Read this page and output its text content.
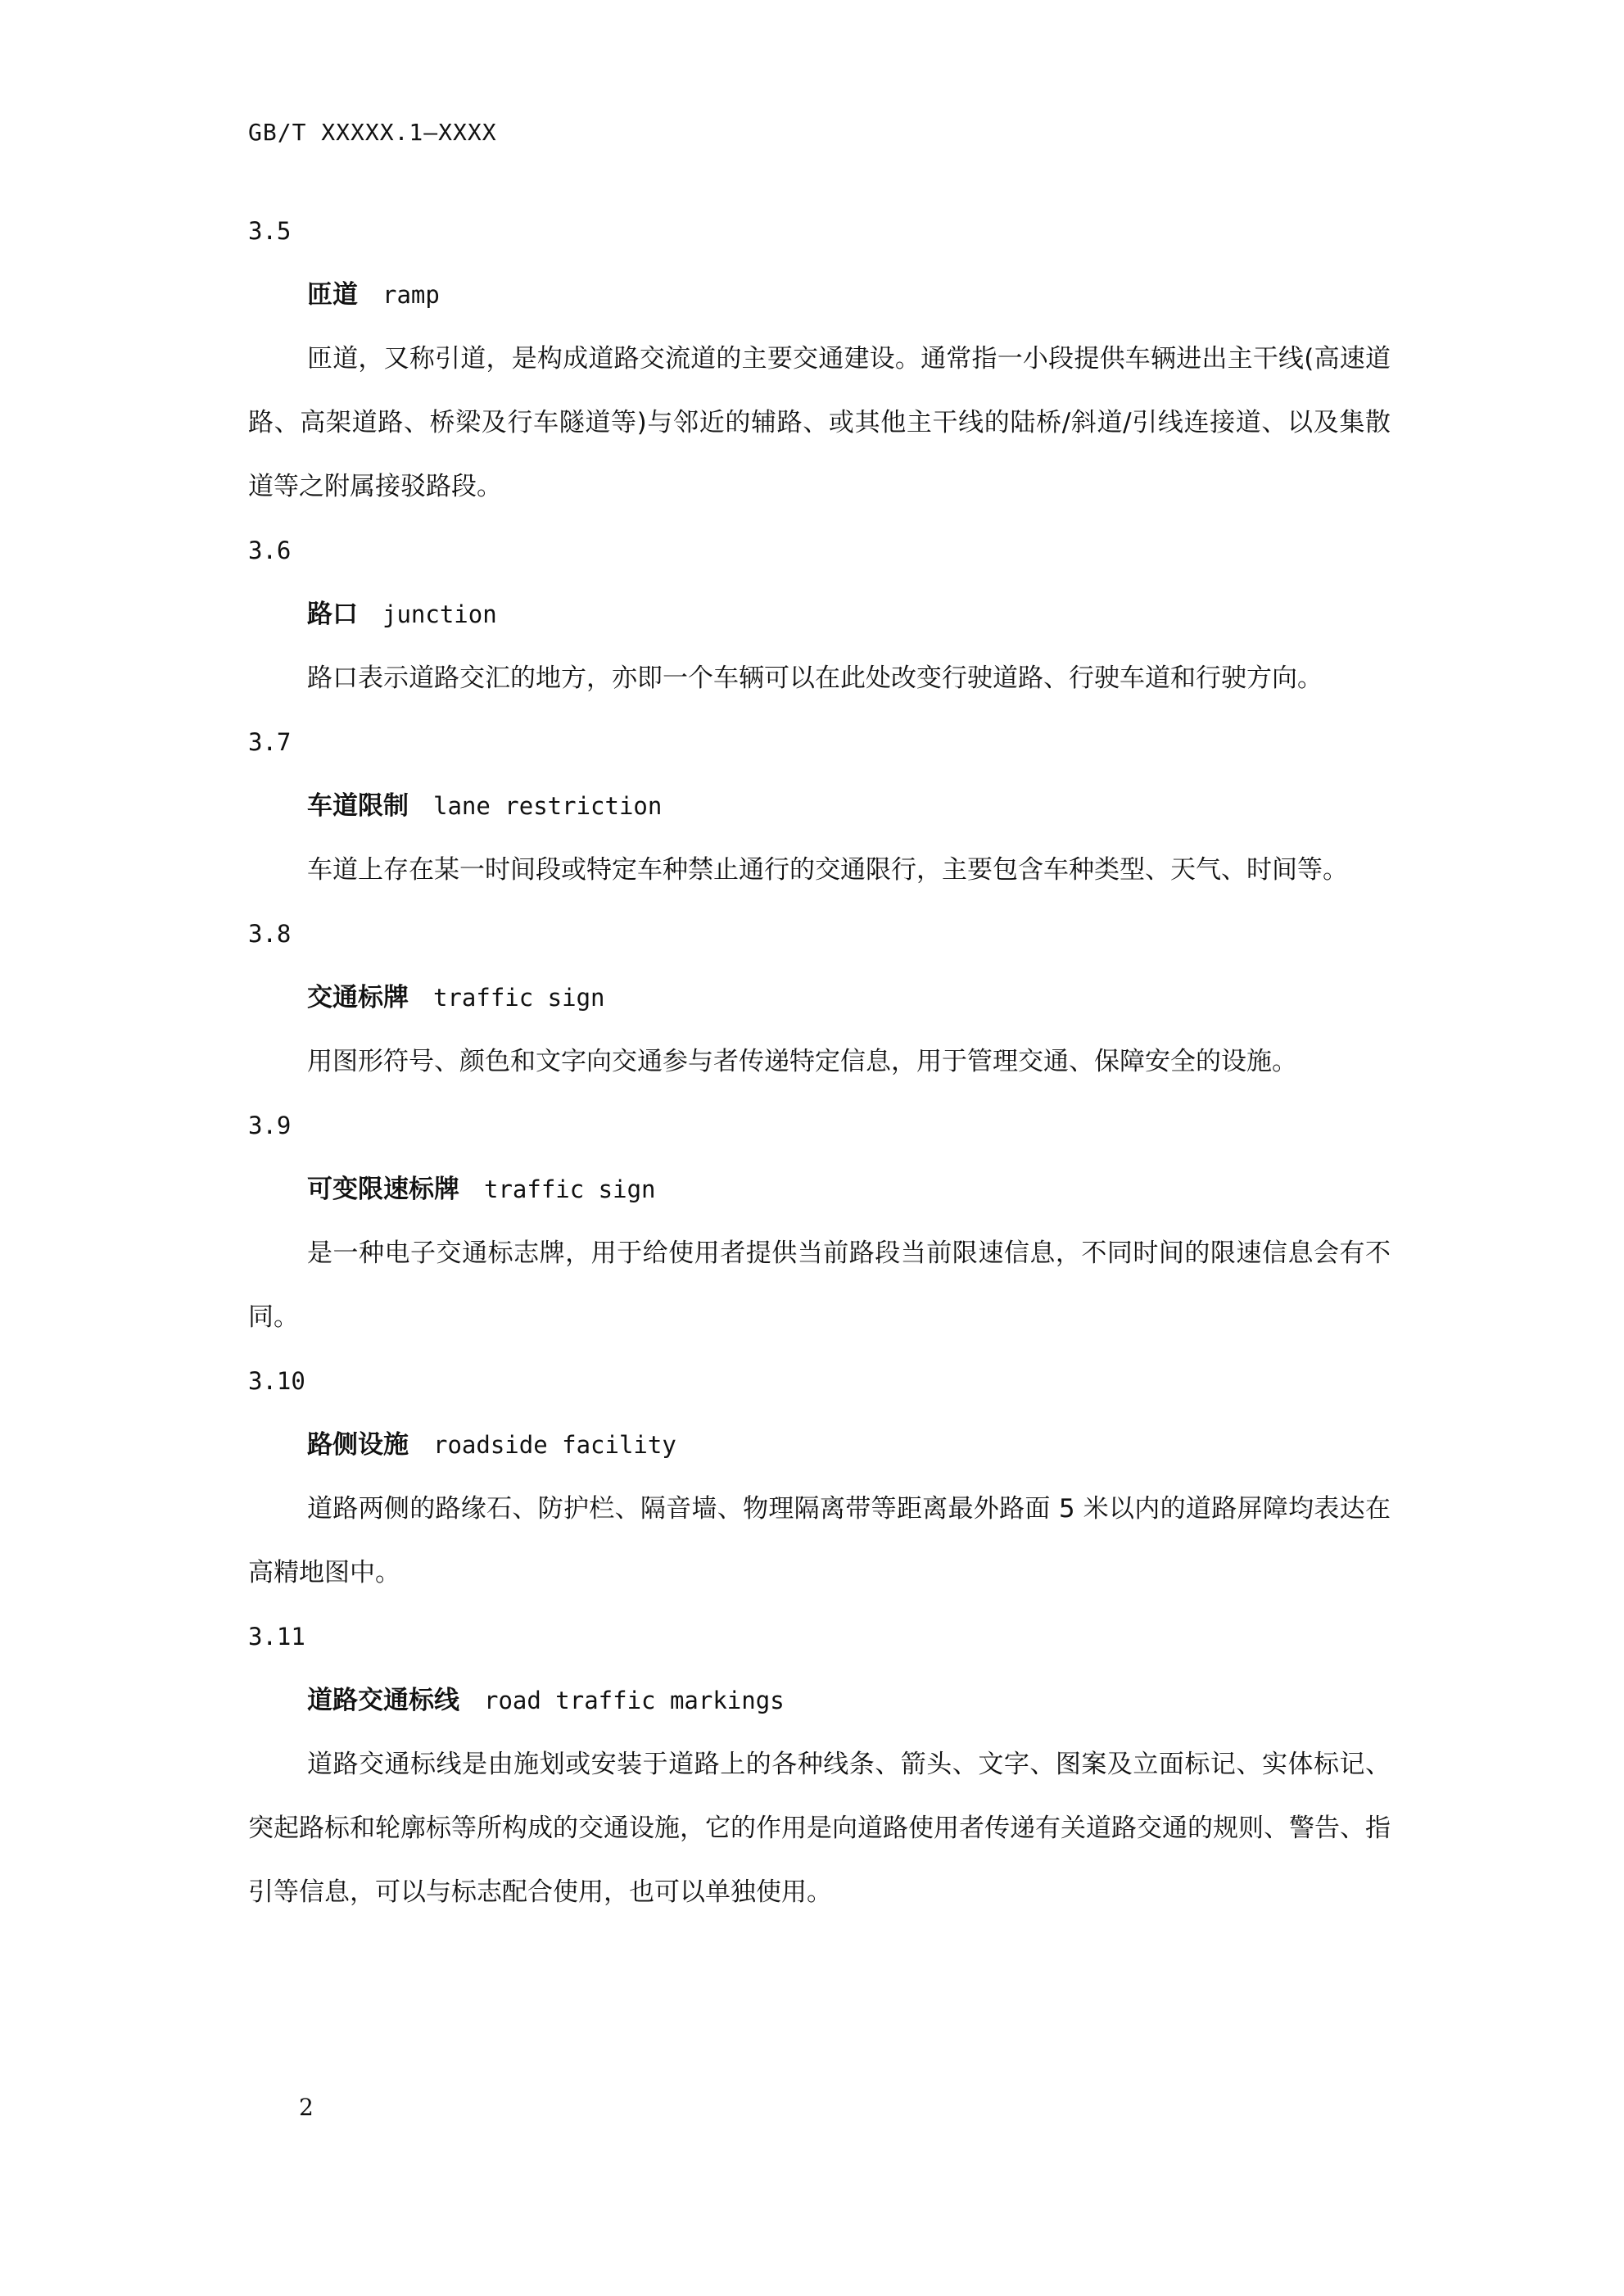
GB/T XXXXX.1—XXXX
3.5
匝道 ramp
匝道，又称引道，是构成道路交流道的主要交通建设。通常指一小段提供车辆进出主干线(高速道路、高架道路、桥梁及行车隧道等)与邻近的辅路、或其他主干线的陆桥/斜道/引线连接道、以及集散道等之附属接驳路段。
3.6
路口 junction
路口表示道路交汇的地方，亦即一个车辆可以在此处改变行驶道路、行驶车道和行驶方向。
3.7
车道限制 lane restriction
车道上存在某一时间段或特定车种禁止通行的交通限行，主要包含车种类型、天气、时间等。
3.8
交通标牌 traffic sign
用图形符号、颜色和文字向交通参与者传递特定信息，用于管理交通、保障安全的设施。
3.9
可变限速标牌 traffic sign
是一种电子交通标志牌，用于给使用者提供当前路段当前限速信息，不同时间的限速信息会有不同。
3.10
路侧设施 roadside facility
道路两侧的路缘石、防护栏、隔音墙、物理隔离带等距离最外路面 5 米以内的道路屏障均表达在高精地图中。
3.11
道路交通标线 road traffic markings
道路交通标线是由施划或安装于道路上的各种线条、箭头、文字、图案及立面标记、实体标记、突起路标和轮廓标等所构成的交通设施，它的作用是向道路使用者传递有关道路交通的规则、警告、指引等信息，可以与标志配合使用，也可以单独使用。
2
